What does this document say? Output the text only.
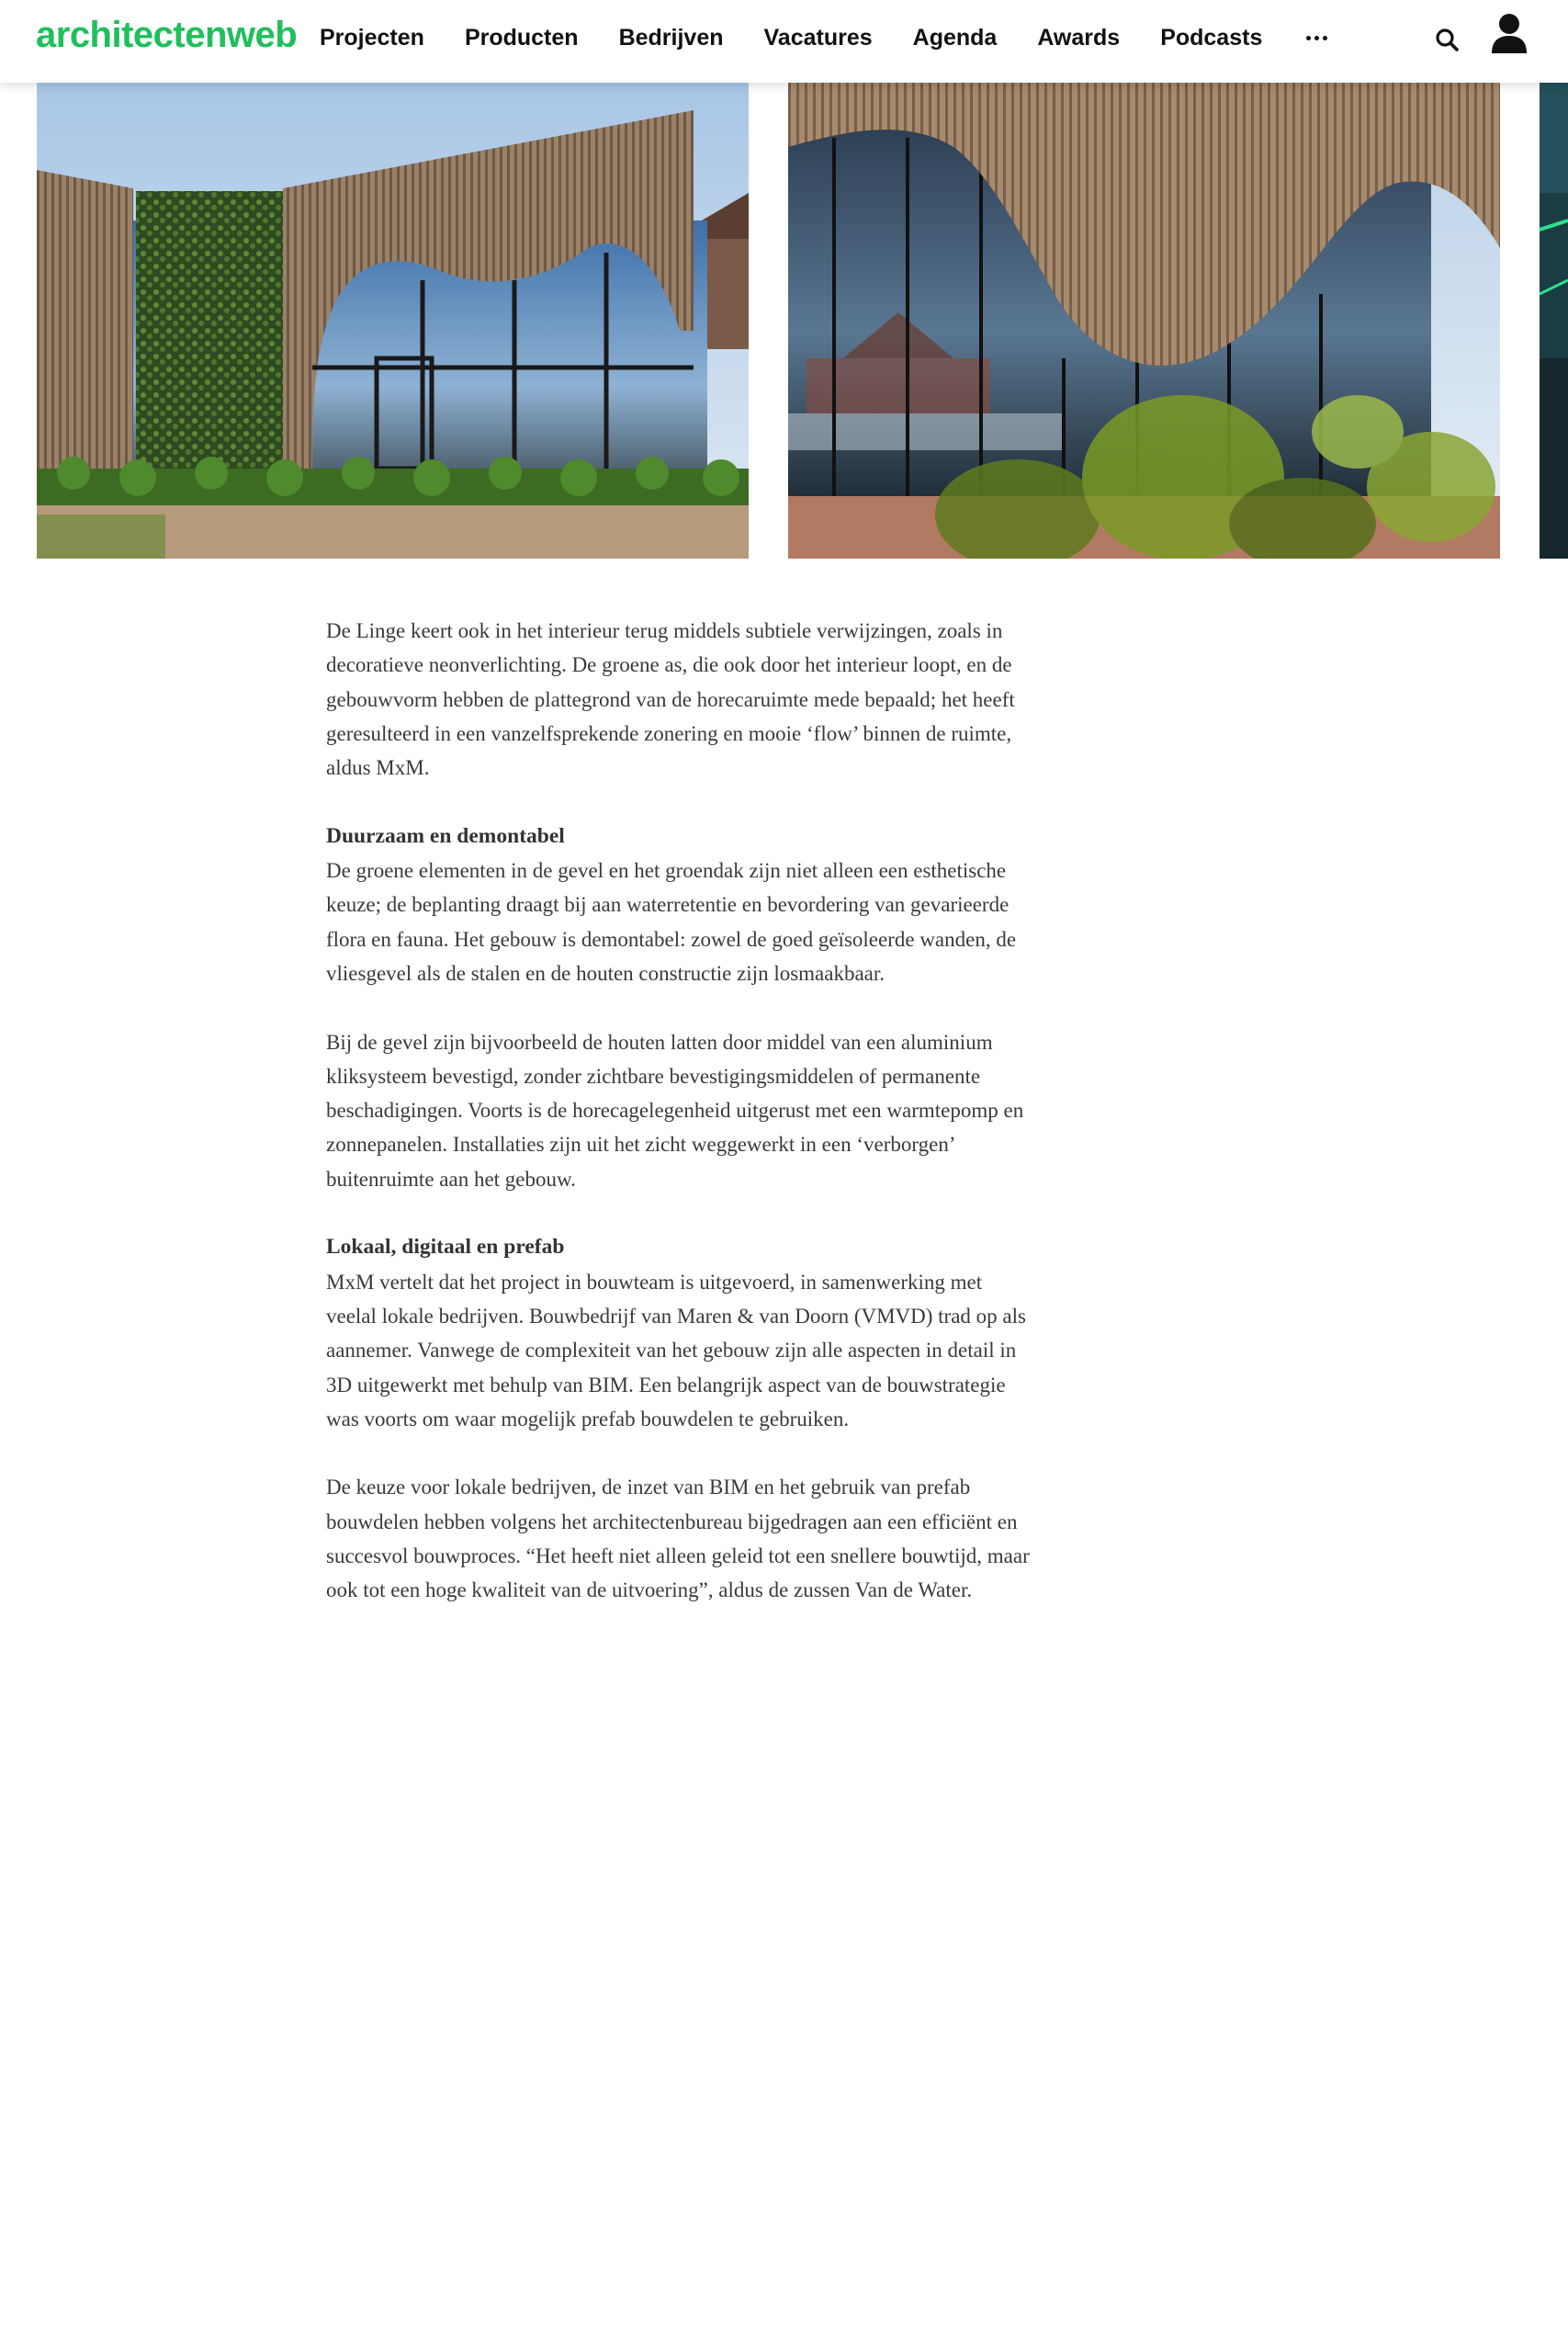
architectenweb Projecten Producten Bedrijven Vacatures Agenda Awards Podcasts

De Linge keert ook in het interieur terug middels subtiele verwijzingen, zoals in decoratieve neonverlichting. De groene as, die ook door het interieur loopt, en de gebouwvorm hebben de plattegrond van de horecaruimte mede bepaald; het heeft geresulteerd in een vanzelfsprekende zonering en mooie ‘flow’ binnen de ruimte, aldus MxM.

Duurzaam en demontabel

De groene elementen in de gevel en het groendak zijn niet alleen een esthetische keuze; de beplanting draagt bij aan waterretentie en bevordering van gevarieerde flora en fauna. Het gebouw is demontabel: zowel de goed geïsoleerde wanden, de vliesgevel als de stalen en de houten constructie zijn losmaakbaar.

Bij de gevel zijn bijvoorbeeld de houten latten door middel van een aluminium kliksysteem bevestigd, zonder zichtbare bevestigingsmiddelen of permanente beschadigingen. Voorts is de horecagelegenheid uitgerust met een warmtepomp en zonnepanelen. Installaties zijn uit het zicht weggewerkt in een ‘verborgen’ buitenruimte aan het gebouw.

Lokaal, digitaal en prefab

MxM vertelt dat het project in bouwteam is uitgevoerd, in samenwerking met veelal lokale bedrijven. Bouwbedrijf van Maren & van Doorn (VMVD) trad op als aannemer. Vanwege de complexiteit van het gebouw zijn alle aspecten in detail in 3D uitgewerkt met behulp van BIM. Een belangrijk aspect van de bouwstrategie was voorts om waar mogelijk prefab bouwdelen te gebruiken.

De keuze voor lokale bedrijven, de inzet van BIM en het gebruik van prefab bouwdelen hebben volgens het architectenbureau bijgedragen aan een efficiënt en succesvol bouwproces. “Het heeft niet alleen geleid tot een snellere bouwtijd, maar ook tot een hoge kwaliteit van de uitvoering”, aldus de zussen Van de Water.
